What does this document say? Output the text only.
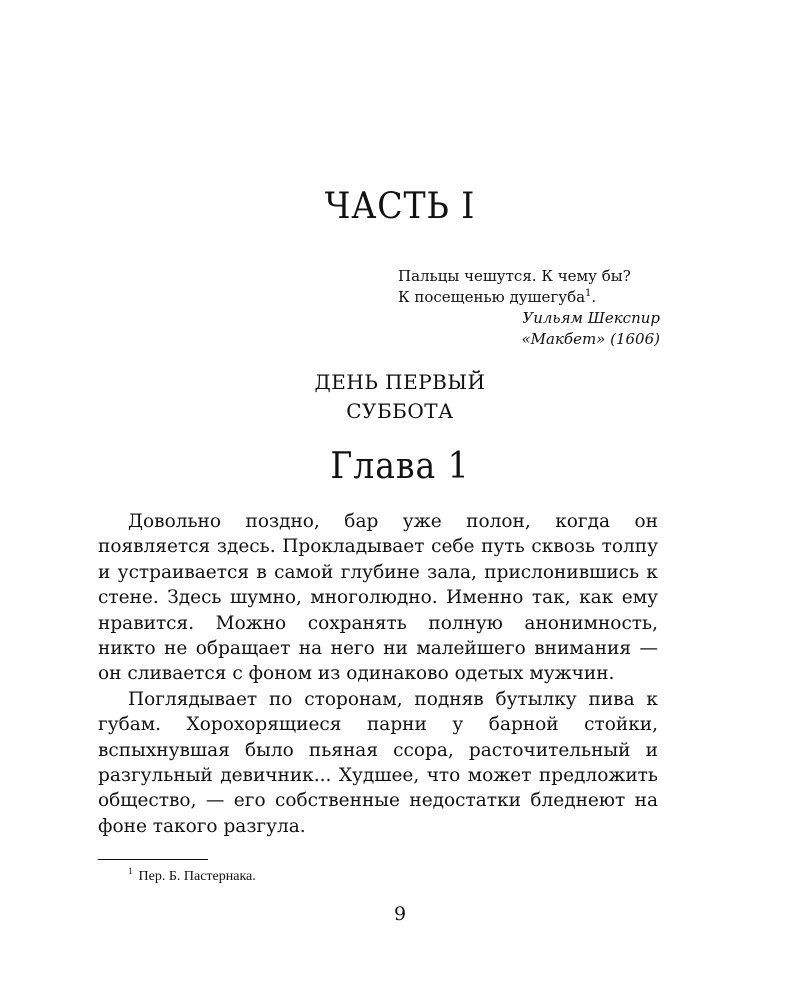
ЧАСТЬ I
Пальцы чешутся. К чему бы?
К посещенью душегуба$^1$.
Уильям Шекспир
«Макбет» (1606)
ДЕНЬ ПЕРВЫЙ
СУББОТА
Глава 1

Довольно поздно, бар уже полон, когда он появляется здесь. Прокладывает себе путь сквозь толпу и устраивается в самой глубине зала, прислонившись к стене. Здесь шумно, многолюдно. Именно так, как ему нравится. Можно сохранять полную анонимность, никто не обращает на него ни малейшего внимания — он сливается с фоном из одинаково одетых мужчин.

Поглядывает по сторонам, подняв бутылку пива к губам. Хорохорящиеся парни у барной стойки, вспыхнувшая было пьяная ссора, расточительный и разгульный девичник... Худшее, что может предложить общество, — его собственные недостатки бледнеют на фоне такого разгула.

$^1$ Пер. Б. Пастернака.
9
